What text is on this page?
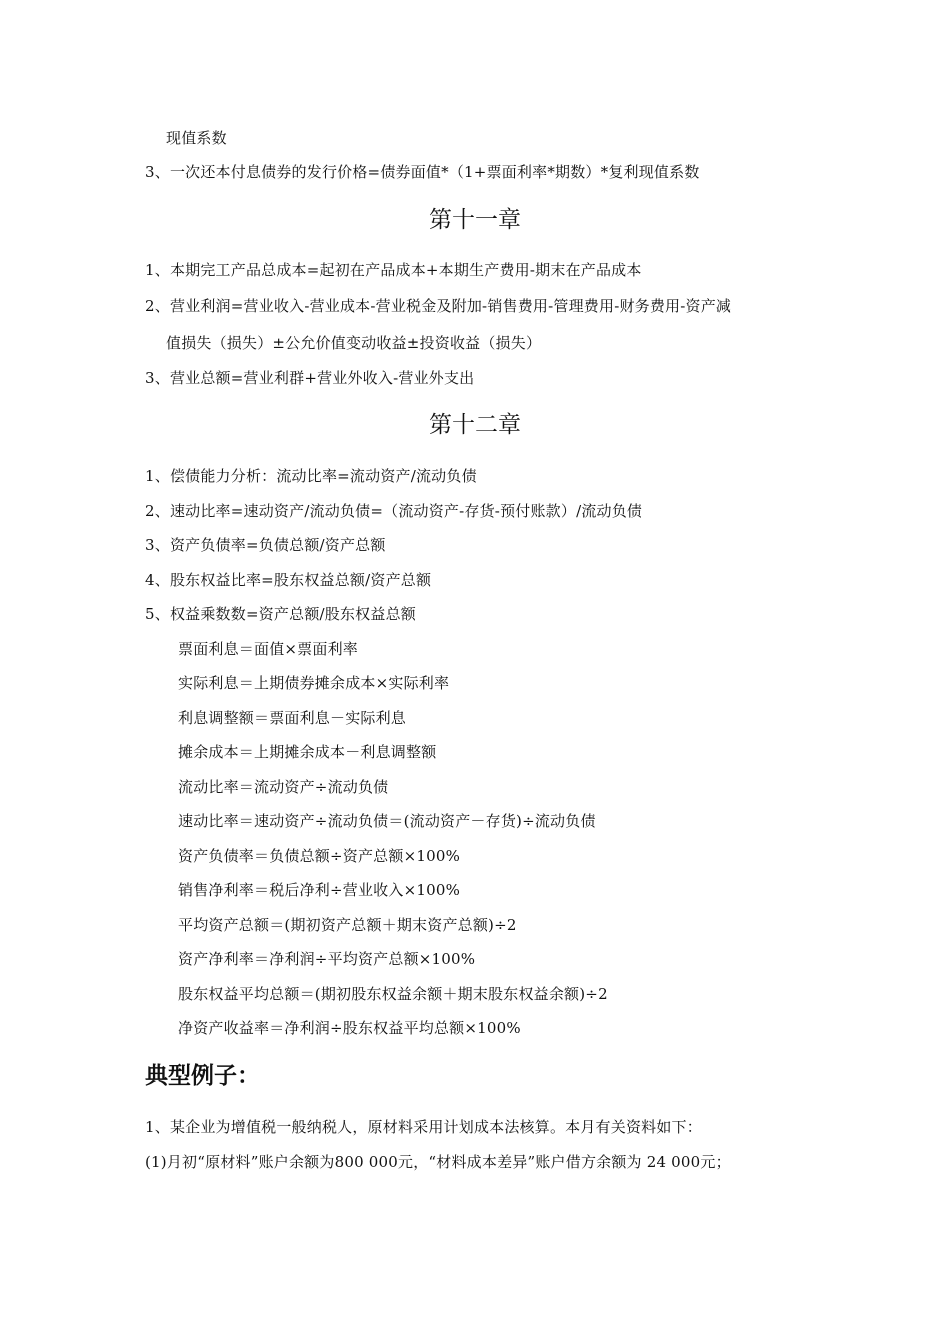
现值系数
3、一次还本付息债券的发行价格=债券面值*（1+票面利率*期数）*复利现值系数
第十一章
1、本期完工产品总成本=起初在产品成本+本期生产费用-期末在产品成本
2、营业利润=营业收入-营业成本-营业税金及附加-销售费用-管理费用-财务费用-资产减
值损失（损失）±公允价值变动收益±投资收益（损失）
3、营业总额=营业利群+营业外收入-营业外支出
第十二章
1、偿债能力分析：流动比率=流动资产/流动负债
2、速动比率=速动资产/流动负债=（流动资产-存货-预付账款）/流动负债
3、资产负债率=负债总额/资产总额
4、股东权益比率=股东权益总额/资产总额
5、权益乘数数=资产总额/股东权益总额
票面利息＝面值×票面利率
实际利息＝上期债券摊余成本×实际利率
利息调整额＝票面利息－实际利息
摊余成本＝上期摊余成本－利息调整额
流动比率＝流动资产÷流动负债
速动比率＝速动资产÷流动负债＝(流动资产－存货)÷流动负债
资产负债率＝负债总额÷资产总额×100%
销售净利率＝税后净利÷营业收入×100%
平均资产总额＝(期初资产总额＋期末资产总额)÷2
资产净利率＝净利润÷平均资产总额×100%
股东权益平均总额＝(期初股东权益余额＋期末股东权益余额)÷2
净资产收益率＝净利润÷股东权益平均总额×100%
典型例子：
1、某企业为增值税一般纳税人，原材料采用计划成本法核算。本月有关资料如下：
(1)月初“原材料”账户余额为800 000元，“材料成本差异”账户借方余额为 24 000元；
